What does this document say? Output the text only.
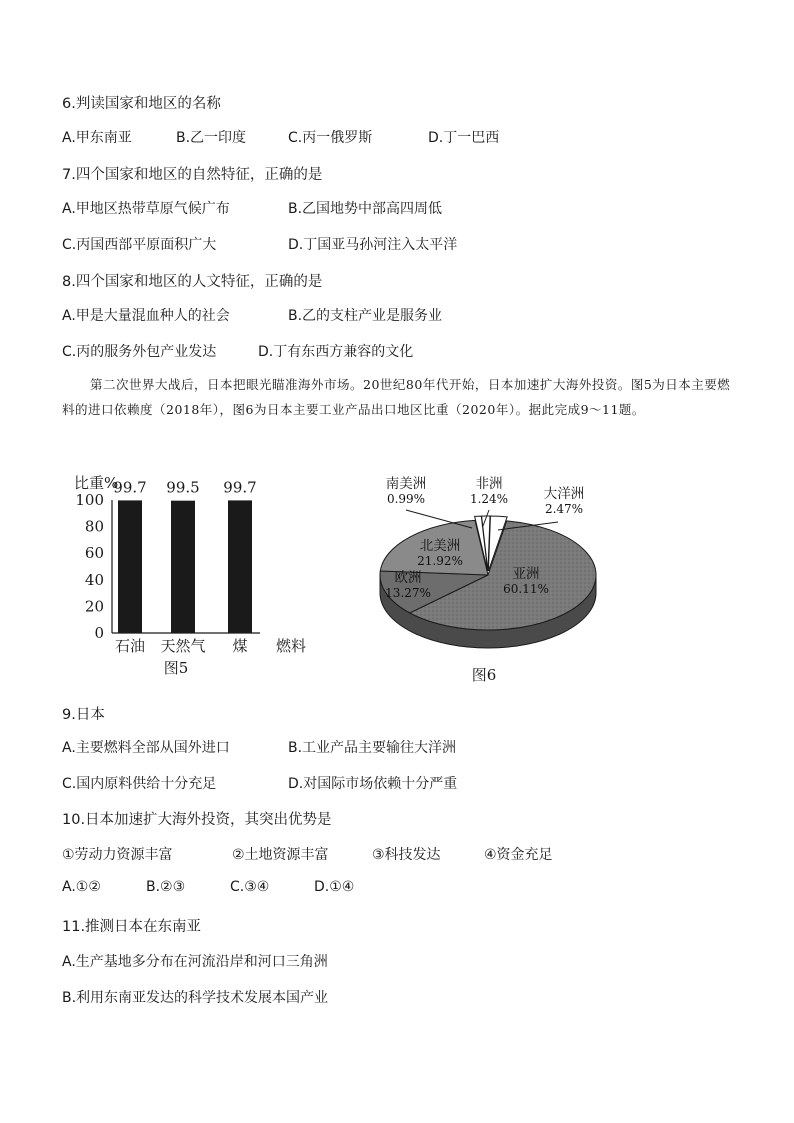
6.判读国家和地区的名称
A.甲东南亚	B.乙一印度	C.丙一俄罗斯	D.丁一巴西
7.四个国家和地区的自然特征，正确的是
A.甲地区热带草原气候广布	B.乙国地势中部高四周低
C.丙国西部平原面积广大	D.丁国亚马孙河注入太平洋
8.四个国家和地区的人文特征，正确的是
A.甲是大量混血种人的社会	B.乙的支柱产业是服务业
C.丙的服务外包产业发达	D.丁有东西方兼容的文化
第二次世界大战后，日本把眼光瞄准海外市场。20世纪80年代开始，日本加速扩大海外投资。图5为日本主要燃料的进口依赖度（2018年），图6为日本主要工业产品出口地区比重（2020年）。据此完成9～11题。
比重%
100
80
60
40
20
0
99.7
石油
99.5
天然气
99.7
煤 燃料
图5
亚洲
60.11%
欧洲
13.27%
北美洲
21.92%
南美洲
0.99%
非洲
1.24%	大洋洲
2.47%
图6
9.日本
A.主要燃料全部从国外进口	B.工业产品主要输往大洋洲
C.国内原料供给十分充足	D.对国际市场依赖十分严重
10.日本加速扩大海外投资，其突出优势是
①劳动力资源丰富	②土地资源丰富	③科技发达	④资金充足
A.①②	B.②③	C.③④	D.①④
11.推测日本在东南亚
A.生产基地多分布在河流沿岸和河口三角洲
B.利用东南亚发达的科学技术发展本国产业
